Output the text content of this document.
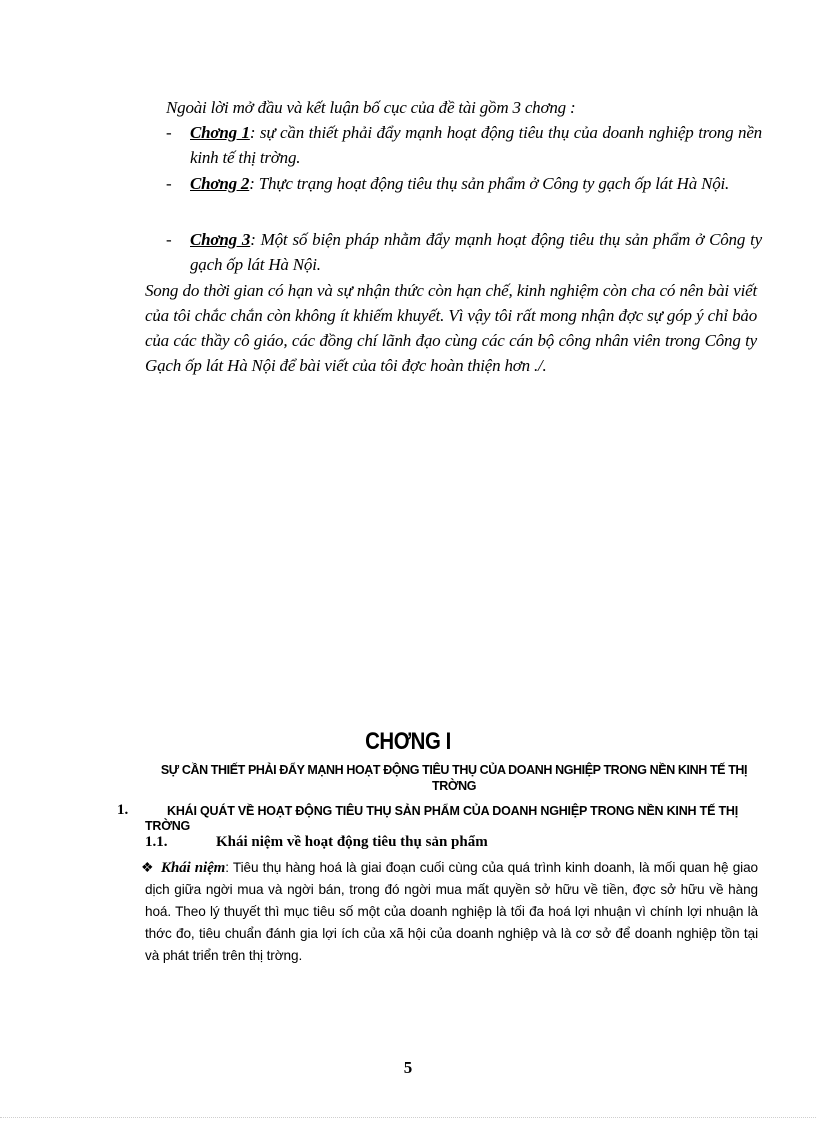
Ngoài lời mở đầu và kết luận bố cục của đề tài gồm 3 chơng :
-	Chơng 1: sự cần thiết phải đẩy mạnh hoạt động tiêu thụ của doanh nghiệp trong nền kinh tế thị trờng.
-	Chơng 2: Thực trạng hoạt động tiêu thụ sản phẩm ở Công ty gạch ốp lát Hà Nội.
-	Chơng 3: Một số biện pháp nhằm đẩy mạnh hoạt động tiêu thụ sản phẩm ở Công ty gạch ốp lát Hà Nội.
Song do thời gian có hạn và sự nhận thức còn hạn chế, kinh nghiệm còn cha có nên bài viết của tôi chắc chắn còn không ít khiếm khuyết. Vì vậy tôi rất mong nhận đợc sự góp ý chỉ bảo của các thầy cô giáo, các đồng chí lãnh đạo cùng các cán bộ công nhân viên trong Công ty Gạch ốp lát Hà Nội để bài viết của tôi đợc hoàn thiện hơn ./.
CHƠNG I
SỰ CẦN THIẾT PHẢI ĐẨY MẠNH HOẠT ĐỘNG TIÊU THỤ CỦA DOANH NGHIỆP TRONG NỀN KINH TẾ THỊ TRỜNG
1.	KHÁI QUÁT VỀ HOẠT ĐỘNG TIÊU THỤ SẢN PHẨM CỦA DOANH NGHIỆP TRONG NỀN KINH TẾ THỊ TRỜNG
1.1.	Khái niệm về hoạt động tiêu thụ sản phẩm
❖ Khái niệm: Tiêu thụ hàng hoá là giai đoạn cuối cùng của quá trình kinh doanh, là mối quan hệ giao dịch giữa ngời mua và ngời bán, trong đó ngời mua mất quyền sở hữu về tiền, đợc sở hữu về hàng hoá. Theo lý thuyết thì mục tiêu số một của doanh nghiệp là tối đa hoá lợi nhuận vì chính lợi nhuận là thớc đo, tiêu chuẩn đánh gia lợi ích của xã hội của doanh nghiệp và là cơ sở để doanh nghiệp tồn tại và phát triển trên thị trờng.
5
